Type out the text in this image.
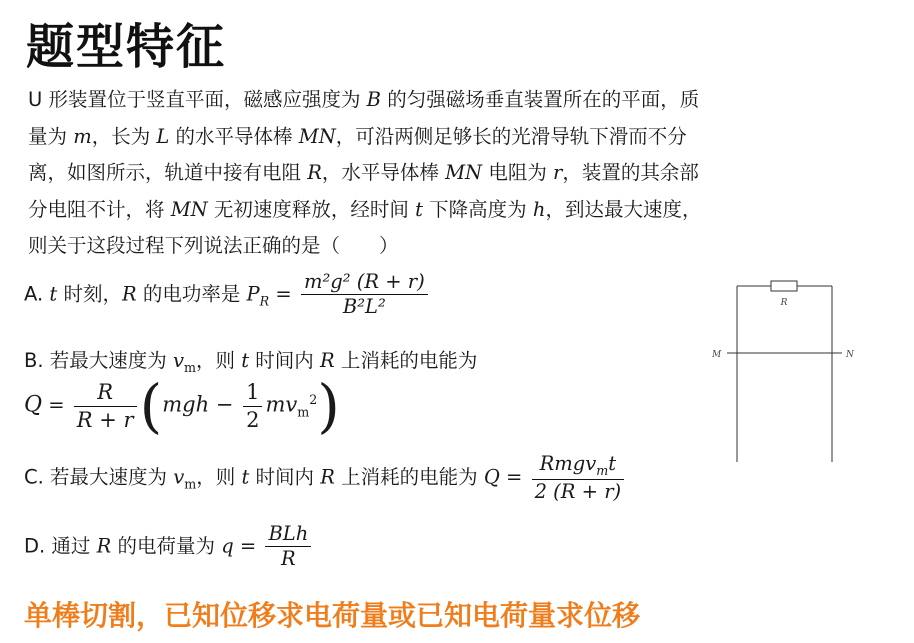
题型特征
U 形装置位于竖直平面，磁感应强度为 B 的匀强磁场垂直装置所在的平面，质
量为 m，长为 L 的水平导体棒 MN，可沿两侧足够长的光滑导轨下滑而不分
离，如图所示，轨道中接有电阻 R，水平导体棒 MN 电阻为 r，装置的其余部
分电阻不计，将 MN 无初速度释放，经时间 t 下降高度为 h，到达最大速度，
则关于这段过程下列说法正确的是（　　）
A. t 时刻，R 的电功率是 $P_R = \frac{\text{m²g² (R + r)}}{\text{B²L²}}$
B. 若最大速度为 $v_m$，则 t 时间内 R 上消耗的电能为
$Q = \frac{R}{R + r} (mgh - \frac{1}{2} mv_m^2)$
C. 若最大速度为 $v_m$，则 t 时间内 R 上消耗的电能为 $Q = \frac{Rmgv_mt}{2 (R + r)}$
D. 通过 R 的电荷量为 $q = \frac{\text{BLh}}{R}$
R
M	N
单棒切割，已知位移求电荷量或已知电荷量求位移
